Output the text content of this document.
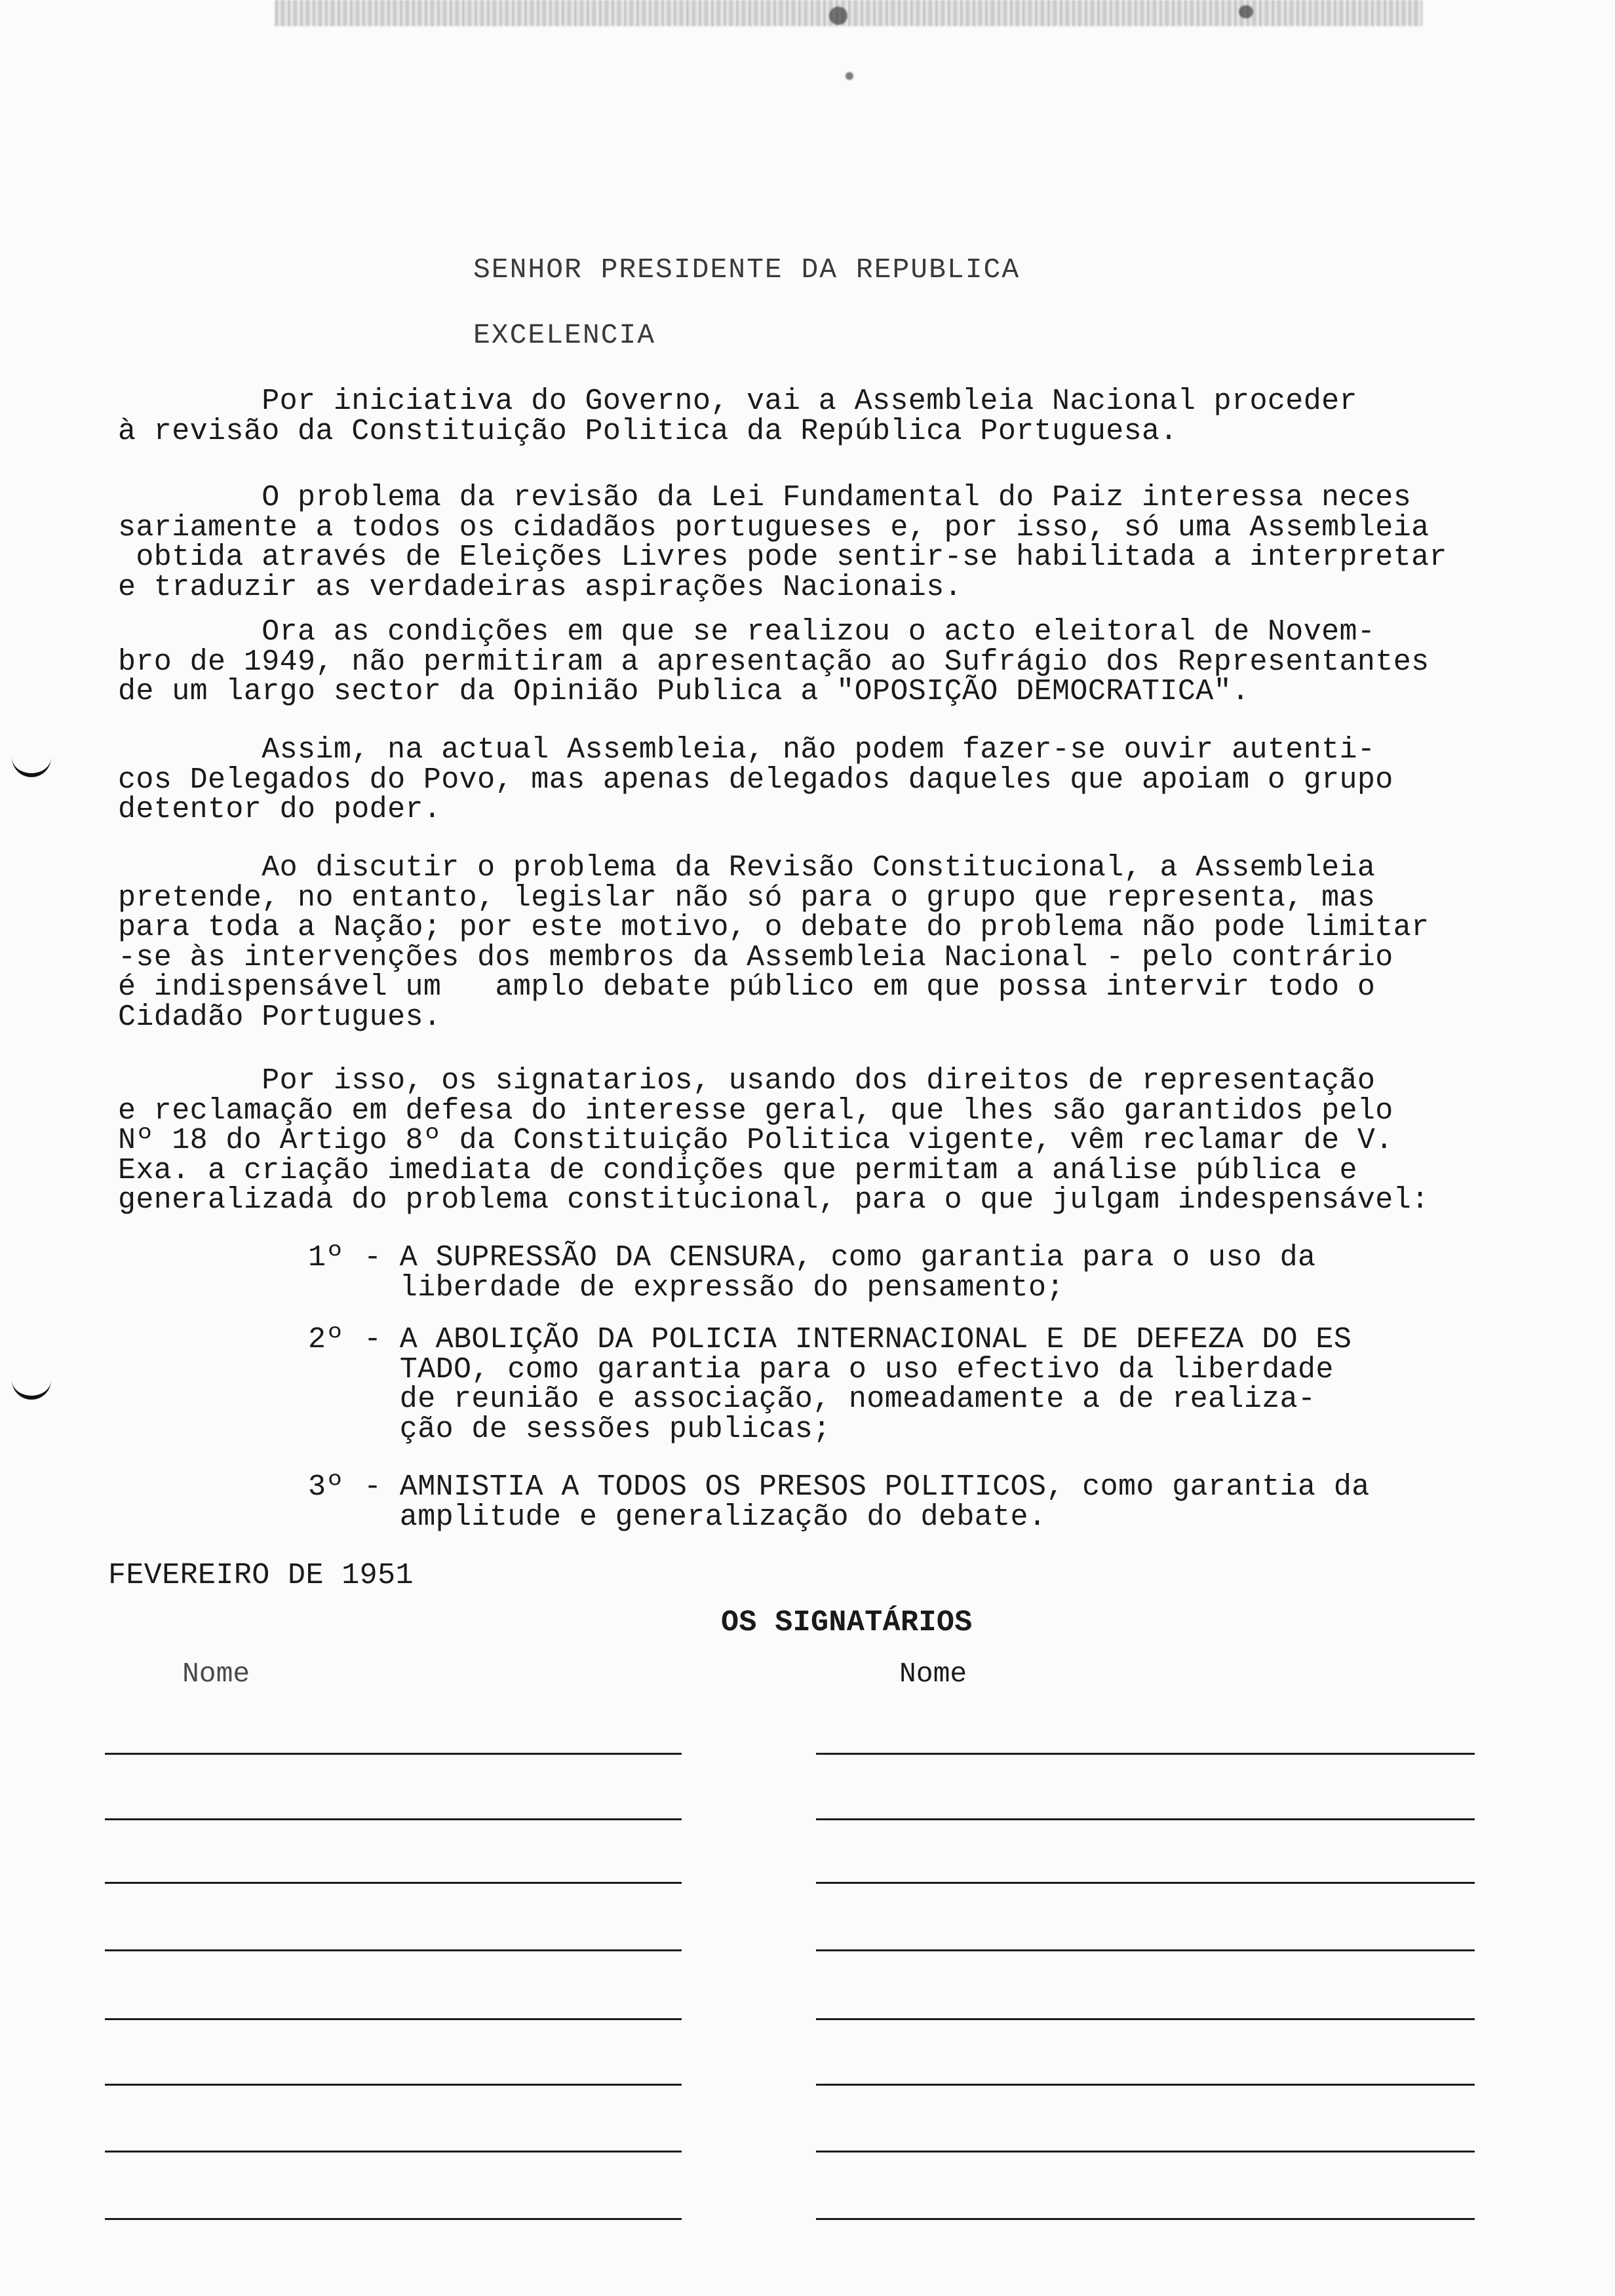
SENHOR PRESIDENTE DA REPUBLICA
EXCELENCIA
Por iniciativa do Governo, vai a Assembleia Nacional proceder
à revisão da Constituição Politica da República Portuguesa.
O problema da revisão da Lei Fundamental do Paiz interessa neces
sariamente a todos os cidadãos portugueses e, por isso, só uma Assembleia
obtida através de Eleições Livres pode sentir-se habilitada a interpretar
e traduzir as verdadeiras aspirações Nacionais.
Ora as condições em que se realizou o acto eleitoral de Novem-
bro de 1949, não permitiram a apresentação ao Sufrágio dos Representantes
de um largo sector da Opinião Publica a "OPOSIÇÃO DEMOCRATICA".
Assim, na actual Assembleia, não podem fazer-se ouvir autenti-
cos Delegados do Povo, mas apenas delegados daqueles que apoiam o grupo
detentor do poder.
Ao discutir o problema da Revisão Constitucional, a Assembleia
pretende, no entanto, legislar não só para o grupo que representa, mas
para toda a Nação; por este motivo, o debate do problema não pode limitar
-se às intervenções dos membros da Assembleia Nacional - pelo contrário
é indispensável um   amplo debate público em que possa intervir todo o
Cidadão Portugues.
Por isso, os signatarios, usando dos direitos de representação
e reclamação em defesa do interesse geral, que lhes são garantidos pelo
Nº 18 do Artigo 8º da Constituição Politica vigente, vêm reclamar de V.
Exa. a criação imediata de condições que permitam a análise pública e
generalizada do problema constitucional, para o que julgam indespensável:
1º - A SUPRESSÃO DA CENSURA, como garantia para o uso da
liberdade de expressão do pensamento;
2º - A ABOLIÇÃO DA POLICIA INTERNACIONAL E DE DEFEZA DO ES
TADO, como garantia para o uso efectivo da liberdade
de reunião e associação, nomeadamente a de realiza-
ção de sessões publicas;
3º - AMNISTIA A TODOS OS PRESOS POLITICOS, como garantia da
amplitude e generalização do debate.
FEVEREIRO DE 1951
OS SIGNATÁRIOS
Nome	Nome
